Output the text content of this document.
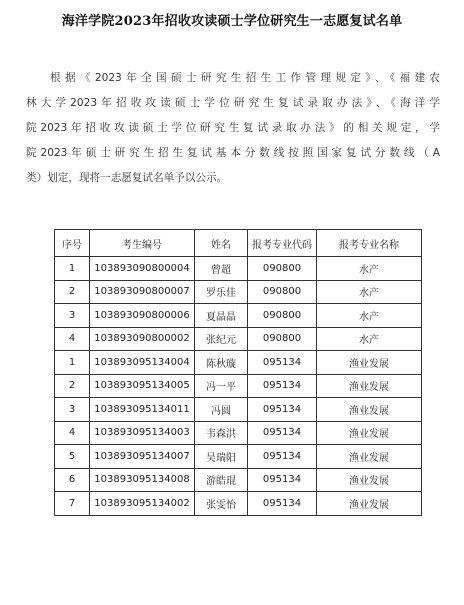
海洋学院2023年招收攻读硕士学位研究生一志愿复试名单
根据《2023年全国硕士研究生招生工作管理规定》、《福建农
林大学2023年招收攻读硕士学位研究生复试录取办法》、《海洋学
院2023年招收攻读硕士学位研究生复试录取办法》的相关规定，学
院2023年硕士研究生招生复试基本分数线按照国家复试分数线（A
类）划定，现将一志愿复试名单予以公示。
序号	考生编号	姓名	报考专业代码	报考专业名称
1	103893090800004	曾超	090800	水产
2	103893090800007	罗乐佳	090800	水产
3	103893090800006	夏晶晶	090800	水产
4	103893090800002	张纪元	090800	水产
1	103893095134004	陈秋璇	095134	渔业发展
2	103893095134005	冯一平	095134	渔业发展
3	103893095134011	冯圆	095134	渔业发展
4	103893095134003	韦森洪	095134	渔业发展
5	103893095134007	吴瑞阳	095134	渔业发展
6	103893095134008	游皓琨	095134	渔业发展
7	103893095134002	张雯怡	095134	渔业发展
